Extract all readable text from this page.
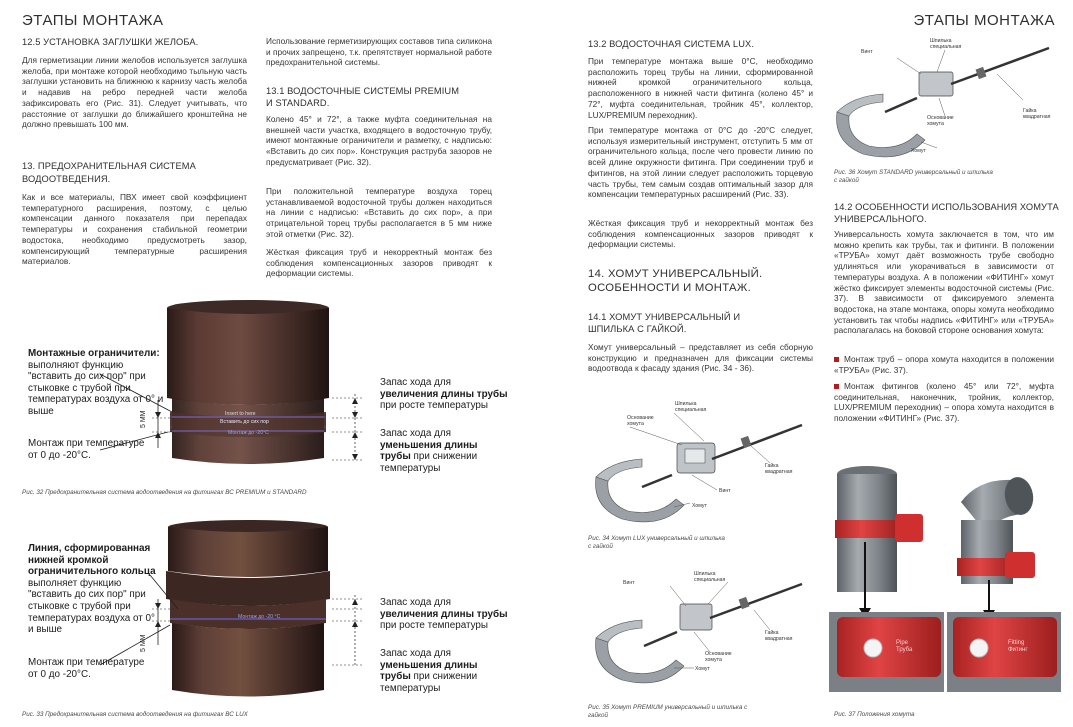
ЭТАПЫ МОНТАЖА
12.5 УСТАНОВКА ЗАГЛУШКИ ЖЕЛОБА.

Для герметизации линии желобов используется заглушка желоба, при монтаже которой необходимо тыльную часть заглушки установить на ближнюю к карнизу часть желоба и надавив на ребро передней части желоба зафиксировать его (Рис. 31). Следует учитывать, что расстояние от заглушки до ближайшего кронштейна не должно превышать 100 мм.

13. ПРЕДОХРАНИТЕЛЬНАЯ СИСТЕМА ВОДООТВЕДЕНИЯ.

Как и все материалы, ПВХ имеет свой коэффициент температурного расширения, поэтому, с целью компенсации данного показателя при перепадах температуры и сохранения стабильной геометрии водостока, необходимо предусмотреть зазор, компенсирующий температурные расширения материалов.

Использование герметизирующих составов типа силикона и прочих запрещено, т.к. препятствует нормальной работе предохранительной системы.

13.1 ВОДОСТОЧНЫЕ СИСТЕМЫ PREMIUM И STANDARD.

Колено 45° и 72°, а также муфта соединительная на внешней части участка, входящего в водосточную трубу, имеют монтажные ограничители и разметку, с надписью: «Вставить до сих пор». Конструкция раструба зазоров не предусматривает (Рис. 32).

При положительной температуре воздуха торец устанавливаемой водосточной трубы должен находиться на линии с надписью: «Вставить до сих пор», а при отрицательной торец трубы располагается в 5 мм ниже этой отметки (Рис. 32).

Жёсткая фиксация труб и некорректный монтаж без соблюдения компенсационных зазоров приводят к деформации системы.

Insert to here
Вставить до сих пор
Монтаж до -20°С
5 ММ
Монтажные ограничители: выполняют функцию "вставить до сих пор" при стыковке с трубой при температурах воздуха от 0° и выше
Монтаж при температуре от 0 до -20°С.
Запас хода для увеличения длины трубы при росте температуры
Запас хода для уменьшения длины трубы при снижении температуры
Рис. 32 Предохранительная система водоотведения на фитингах ВС PREMIUM и STANDARD
Монтаж до -20 °С
5 ММ
Линия, сформированная нижней кромкой ограничительного кольца выполняет функцию "вставить до сих пор" при стыковке с трубой при температурах воздуха от 0° и выше
Монтаж при температуре от 0 до -20°С.
Запас хода для увеличения длины трубы при росте температуры
Запас хода для уменьшения длины трубы при снижении температуры
Рис. 33 Предохранительная система водоотведения на фитингах ВС LUX
ЭТАПЫ МОНТАЖА
13.2 ВОДОСТОЧНАЯ СИСТЕМА LUX.

При температуре монтажа выше 0°С, необходимо расположить торец трубы на линии, сформированной нижней кромкой ограничительного кольца, расположенного в нижней части фитинга (колено 45° и 72°, муфта соединительная, тройник 45°, коллектор, LUX/PREMIUM переходник).

При температуре монтажа от 0°С до -20°С следует, используя измерительный инструмент, отступить 5 мм от ограничительного кольца, после чего провести линию по всей длине окружности фитинга. При соединении труб и фитингов, на этой линии следует расположить торцевую часть трубы, тем самым создав оптимальный зазор для компенсации температурных расширений (Рис. 33).

Жёсткая фиксация труб и некорректный монтаж без соблюдения компенсационных зазоров приводят к деформации системы.

14. ХОМУТ УНИВЕРСАЛЬНЫЙ. ОСОБЕННОСТИ И МОНТАЖ.
14.1 ХОМУТ УНИВЕРСАЛЬНЫЙ И ШПИЛЬКА С ГАЙКОЙ.

Хомут универсальный – представляет из себя сборную конструкцию и предназначен для фиксации системы водоотвода к фасаду здания (Рис. 34 - 36).

Шпилька специальная
Основание хомута
Гайка квадратная
Винт
Хомут
Рис. 34 Хомут LUX универсальный и шпилька с гайкой
Винт
Шпилька специальная
Гайка квадратная
Основание хомута
Хомут
Рис. 35 Хомут PREMIUM универсальный и шпилька с гайкой
Винт
Шпилька специальная
Основание хомута
Гайка квадратная
Хомут
Рис. 36 Хомут STANDARD универсальный и шпилька с гайкой
14.2 ОСОБЕННОСТИ ИСПОЛЬЗОВАНИЯ ХОМУТА УНИВЕРСАЛЬНОГО.

Универсальность хомута заключается в том, что им можно крепить как трубы, так и фитинги. В положении «ТРУБА» хомут даёт возможность трубе свободно удлиняться или укорачиваться в зависимости от температуры воздуха. А в положении «ФИТИНГ» хомут жёстко фиксирует элементы водосточной системы (Рис. 37). В зависимости от фиксируемого элемента водостока, на этапе монтажа, опоры хомута необходимо установить так чтобы надпись «ФИТИНГ» или «ТРУБА» располагалась на боковой стороне основания хомута:

Монтаж труб – опора хомута находится в положении «ТРУБА» (Рис. 37).
Монтаж фитингов (колено 45° или 72°, муфта соединительная, наконечник, тройник, коллектор, LUX/PREMIUM переходник) – опора хомута находится в положении «ФИТИНГ» (Рис. 37).
Pipe
Труба
Fitting
Фитинг
Рис. 37 Положения хомута
